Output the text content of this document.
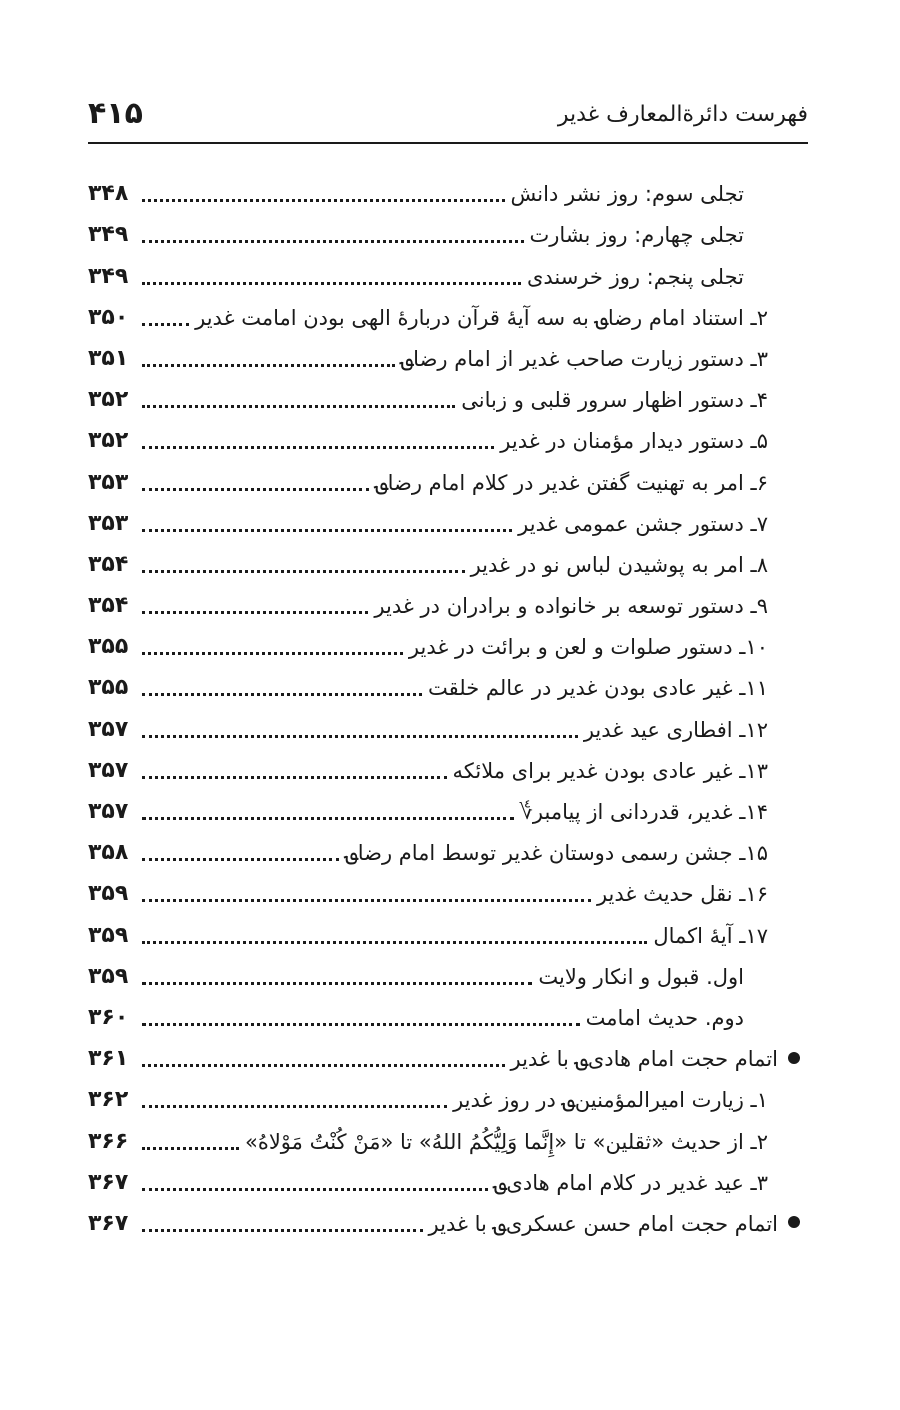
فهرست دائرةالمعارف غدیر
۴۱۵
تجلی سوم: روز نشر دانش
۳۴۸
تجلی چهارم: روز بشارت
۳۴۹
تجلی پنجم: روز خرسندی
۳۴۹
۲ـ استناد امام رضا؈ به سه آیهٔ قرآن دربارهٔ الهی بودن امامت غدیر
۳۵۰
۳ـ دستور زیارت صاحب غدیر از امام رضا؈
۳۵۱
۴ـ دستور اظهار سرور قلبی و زبانی
۳۵۲
۵ـ دستور دیدار مؤمنان در غدیر
۳۵۲
۶ـ امر به تهنیت گفتن غدیر در کلام امام رضا؈
۳۵۳
۷ـ دستور جشن عمومی غدیر
۳۵۳
۸ـ امر به پوشیدن لباس نو در غدیر
۳۵۴
۹ـ دستور توسعه بر خانواده و برادران در غدیر
۳۵۴
۱۰ـ دستور صلوات و لعن و برائت در غدیر
۳۵۵
۱۱ـ غیر عادی بودن غدیر در عالم خلقت
۳۵۵
۱۲ـ افطاری عید غدیر
۳۵۷
۱۳ـ غیر عادی بودن غدیر برای ملائکه
۳۵۷
۱۴ـ غدیر، قدردانی از پیامبر؇
۳۵۷
۱۵ـ جشن رسمی دوستان غدیر توسط امام رضا؈
۳۵۸
۱۶ـ نقل حدیث غدیر
۳۵۹
۱۷ـ آیهٔ اکمال
۳۵۹
اول. قبول و انکار ولایت
۳۵۹
دوم. حدیث امامت
۳۶۰
اتمام حجت امام هادی؈ با غدیر
۳۶۱
۱ـ زیارت امیرالمؤمنین؈ در روز غدیر
۳۶۲
۲ـ از حدیث «ثقلین» تا «إِنَّما وَلِيُّكُمُ اللهُ» تا «مَنْ كُنْتُ مَوْلاهُ»
۳۶۶
۳ـ عید غدیر در کلام امام هادی؈
۳۶۷
اتمام حجت امام حسن عسکری؈ با غدیر
۳۶۷
